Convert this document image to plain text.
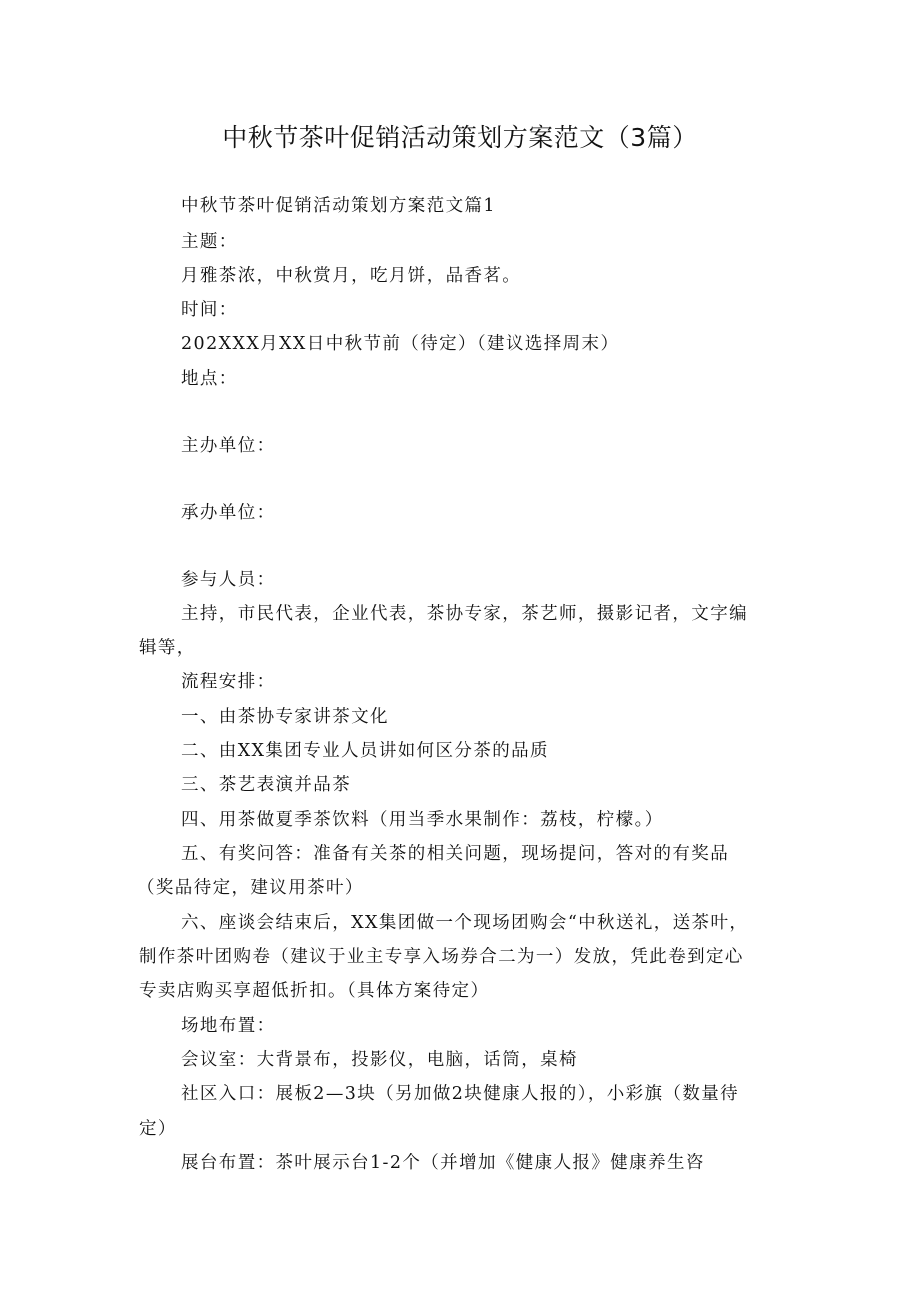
中秋节茶叶促销活动策划方案范文（3篇）
中秋节茶叶促销活动策划方案范文篇1
主题：
月雅茶浓，中秋赏月，吃月饼，品香茗。
时间：
202XXX月XX日中秋节前（待定）（建议选择周末）
地点：
主办单位：
承办单位：
参与人员：
主持，市民代表，企业代表，茶协专家，茶艺师，摄影记者，文字编
辑等，
流程安排：
一、由茶协专家讲茶文化
二、由XX集团专业人员讲如何区分茶的品质
三、茶艺表演并品茶
四、用茶做夏季茶饮料（用当季水果制作：荔枝，柠檬。）
五、有奖问答：准备有关茶的相关问题，现场提问，答对的有奖品
（奖品待定，建议用茶叶）
六、座谈会结束后，XX集团做一个现场团购会“中秋送礼，送茶叶，
制作茶叶团购卷（建议于业主专享入场券合二为一）发放，凭此卷到定心
专卖店购买享超低折扣。（具体方案待定）
场地布置：
会议室：大背景布，投影仪，电脑，话筒，桌椅
社区入口：展板2—3块（另加做2块健康人报的），小彩旗（数量待
定）
展台布置：茶叶展示台1-2个（并增加《健康人报》健康养生咨
